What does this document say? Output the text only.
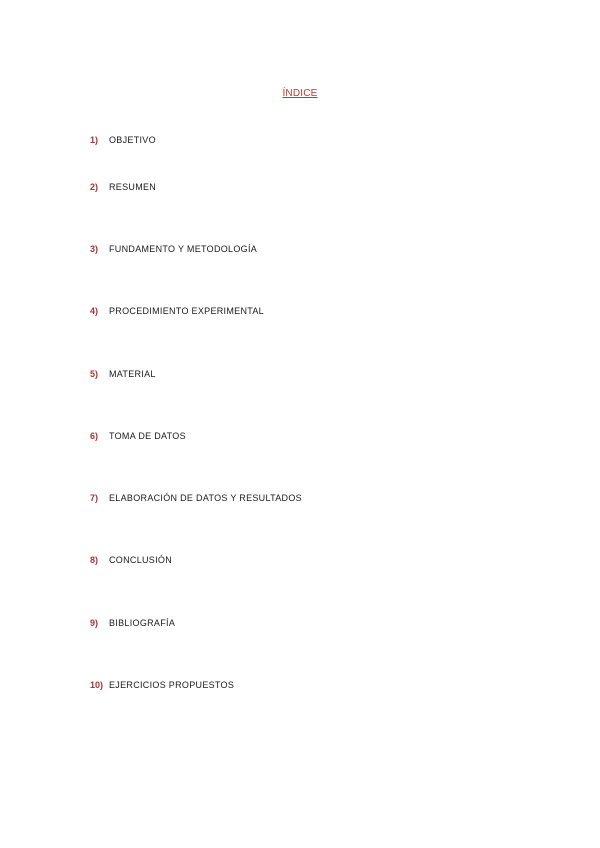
ÍNDICE
1) OBJETIVO
2) RESUMEN
3) FUNDAMENTO Y METODOLOGÍA
4) PROCEDIMIENTO EXPERIMENTAL
5) MATERIAL
6) TOMA DE DATOS
7) ELABORACIÓN DE DATOS Y RESULTADOS
8) CONCLUSIÓN
9) BIBLIOGRAFÍA
10) EJERCICIOS PROPUESTOS
